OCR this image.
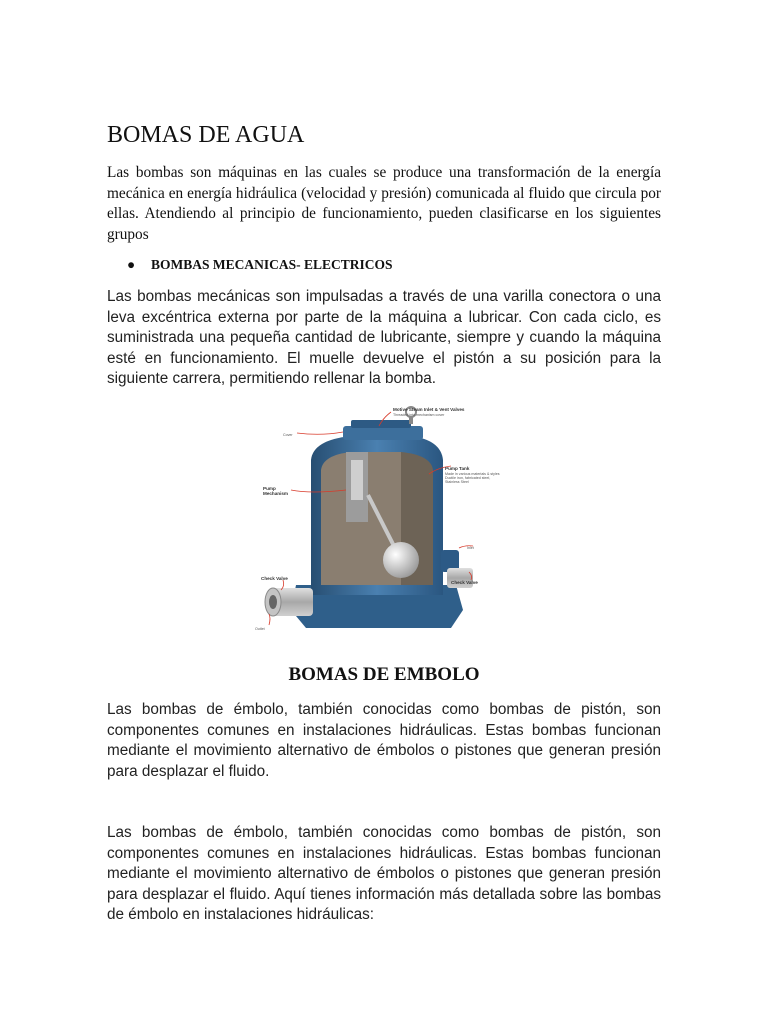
BOMAS DE AGUA
Las bombas son máquinas en las cuales se produce una transformación de la energía mecánica en energía hidráulica (velocidad y presión) comunicada al fluido que circula por ellas. Atendiendo al principio de funcionamiento, pueden clasificarse en los siguientes grupos
● BOMBAS MECANICAS- ELECTRICOS
Las bombas mecánicas son impulsadas a través de una varilla conectora o una leva excéntrica externa por parte de la máquina a lubricar. Con cada ciclo, es suministrada una pequeña cantidad de lubricante, siempre y cuando la máquina esté en funcionamiento. El muelle devuelve el pistón a su posición para la siguiente carrera, permitiendo rellenar la bomba.
Motive Steam Inlet & Vent Valves
Threaded into mechanism cover
Cover
Pump Tank
Made in various materials & styles
Ductile iron, fabricated steel,
Stainless Steel
Pump
Mechanism
Inlet
Check Valve
Check Valve
Outlet
BOMAS DE EMBOLO
Las bombas de émbolo, también conocidas como bombas de pistón, son componentes comunes en instalaciones hidráulicas. Estas bombas funcionan mediante el movimiento alternativo de émbolos o pistones que generan presión para desplazar el fluido.
Las bombas de émbolo, también conocidas como bombas de pistón, son componentes comunes en instalaciones hidráulicas. Estas bombas funcionan mediante el movimiento alternativo de émbolos o pistones que generan presión para desplazar el fluido. Aquí tienes información más detallada sobre las bombas de émbolo en instalaciones hidráulicas:
